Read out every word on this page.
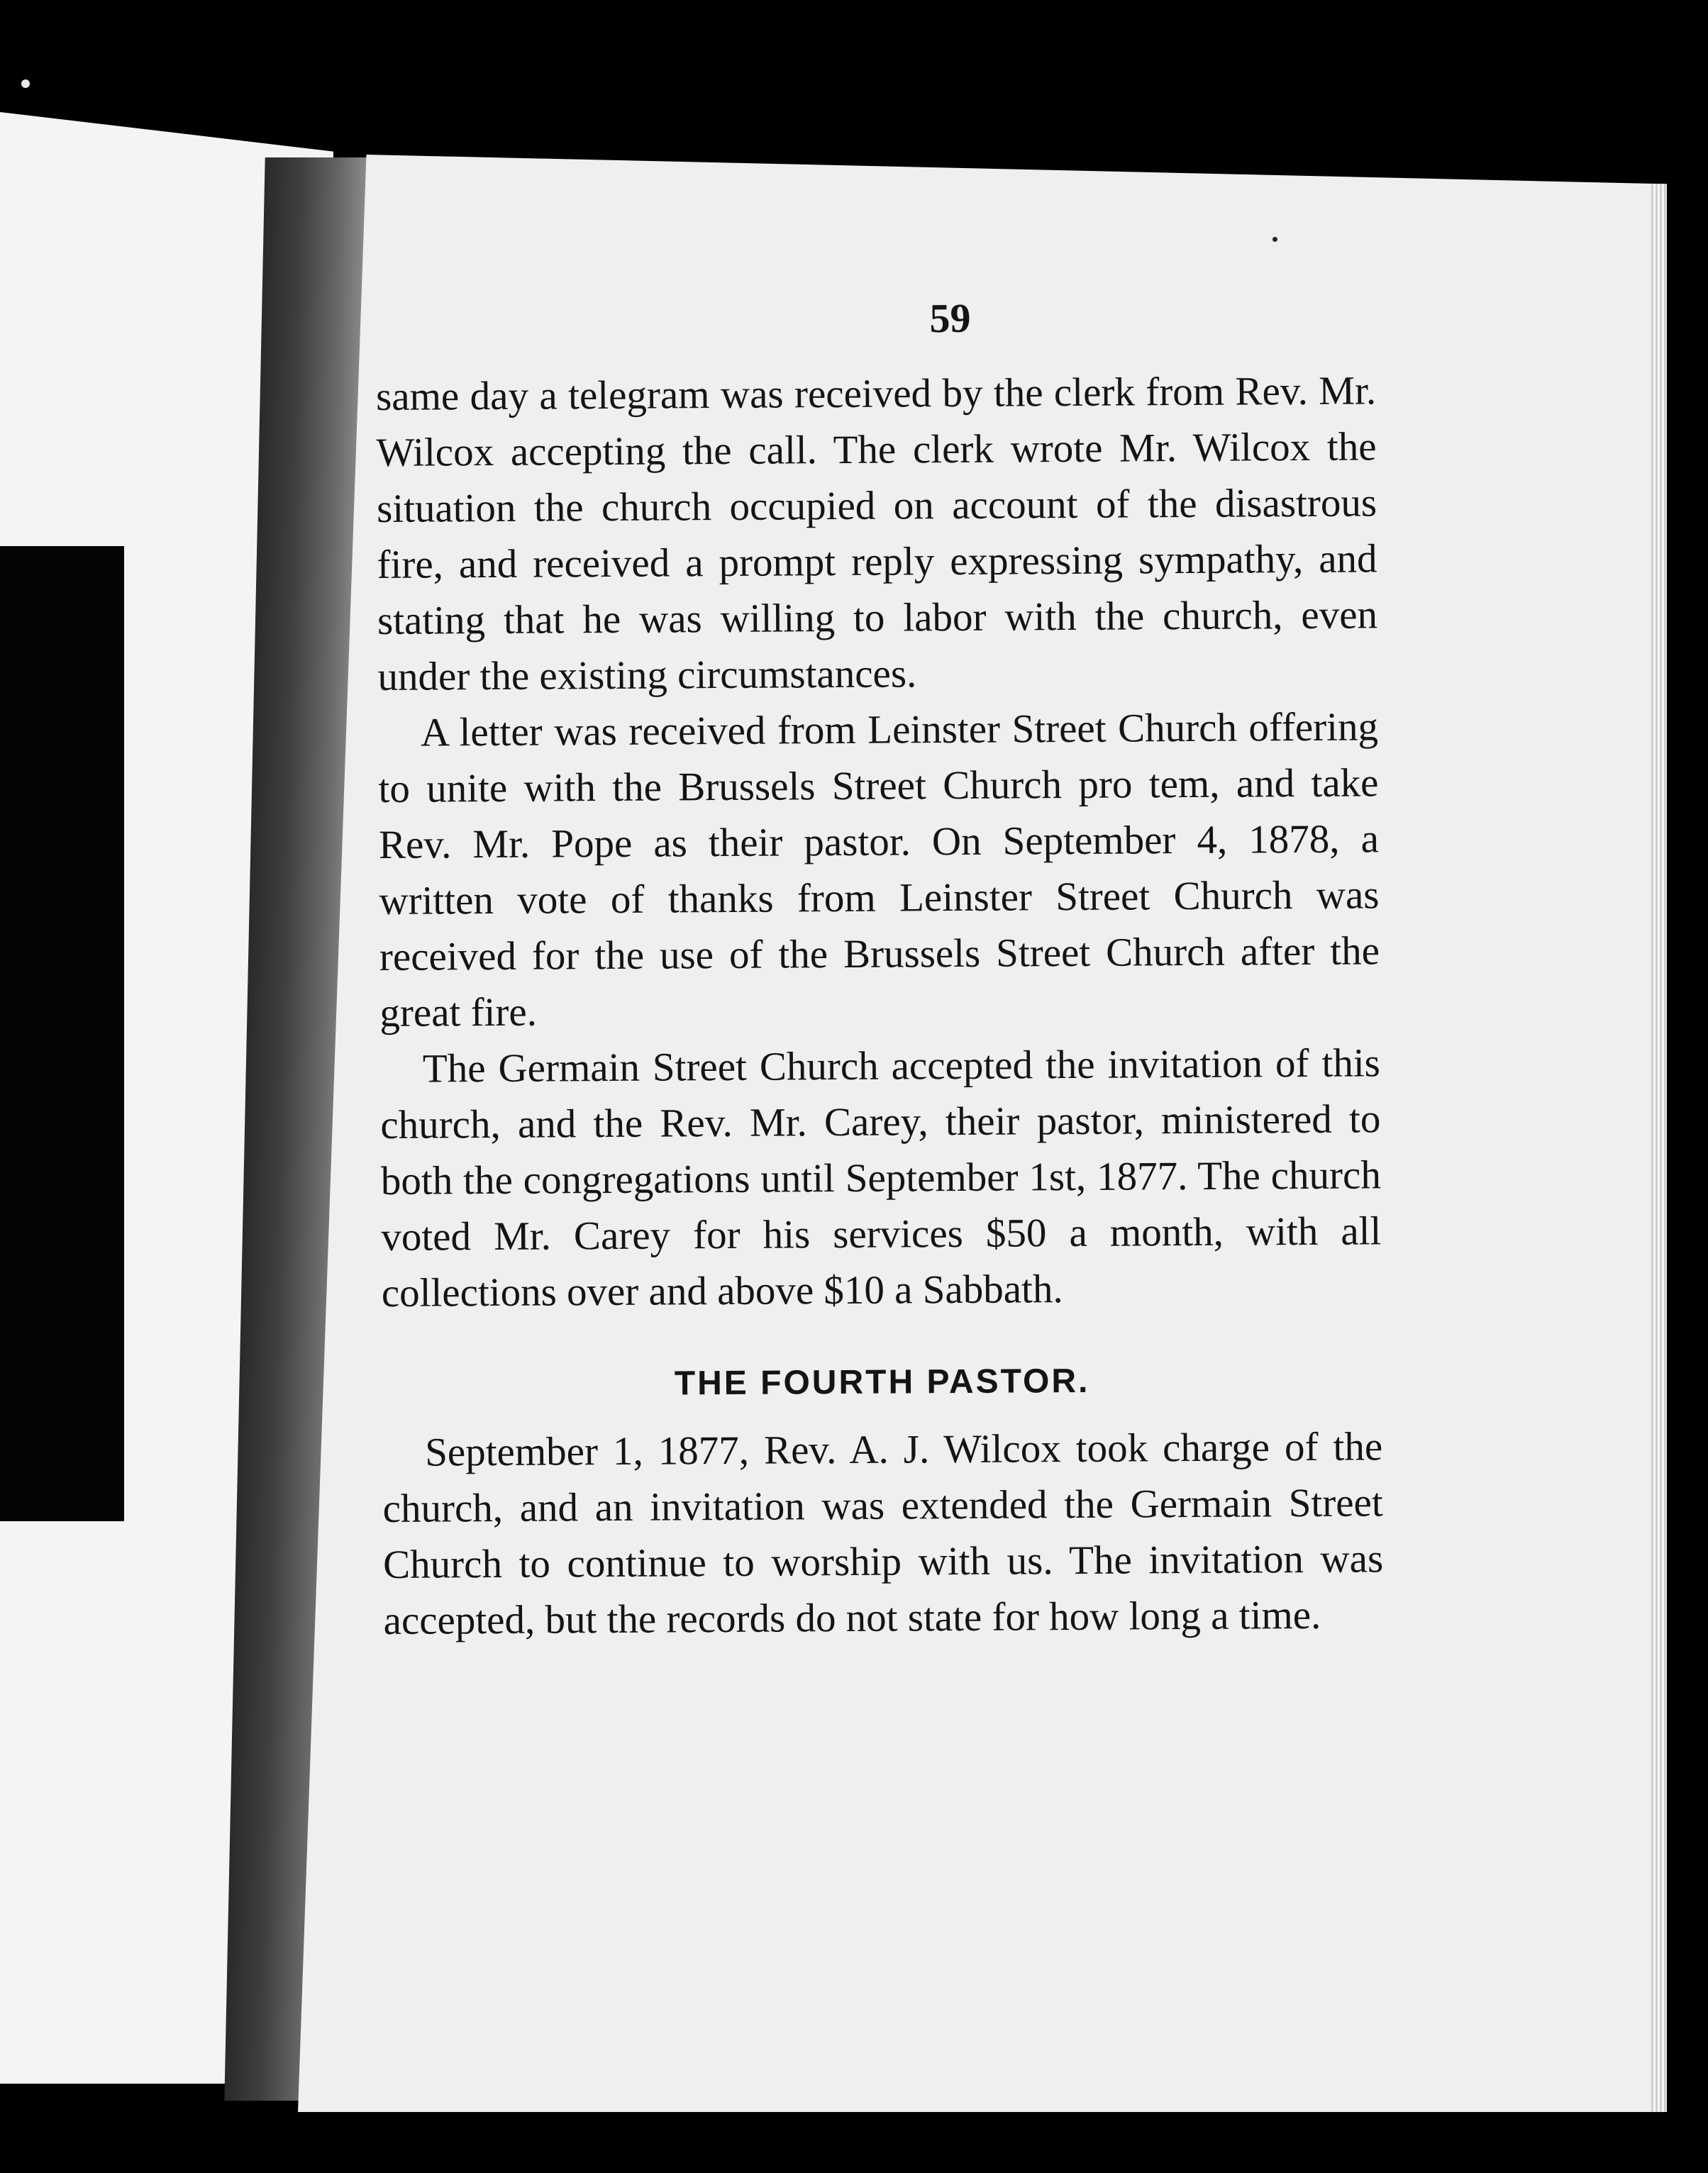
59

same day a telegram was received by the clerk from Rev. Mr. Wilcox accepting the call. The clerk wrote Mr. Wilcox the situation the church occupied on account of the disastrous fire, and received a prompt reply expressing sympathy, and stating that he was willing to labor with the church, even under the existing circumstances.

A letter was received from Leinster Street Church offering to unite with the Brussels Street Church pro tem, and take Rev. Mr. Pope as their pastor. On September 4, 1878, a written vote of thanks from Leinster Street Church was received for the use of the Brussels Street Church after the great fire.

The Germain Street Church accepted the invitation of this church, and the Rev. Mr. Carey, their pastor, ministered to both the congregations until September 1st, 1877. The church voted Mr. Carey for his services $50 a month, with all collections over and above $10 a Sabbath.

THE FOURTH PASTOR.

September 1, 1877, Rev. A. J. Wilcox took charge of the church, and an invitation was extended the Germain Street Church to continue to worship with us. The invitation was accepted, but the records do not state for how long a time.
